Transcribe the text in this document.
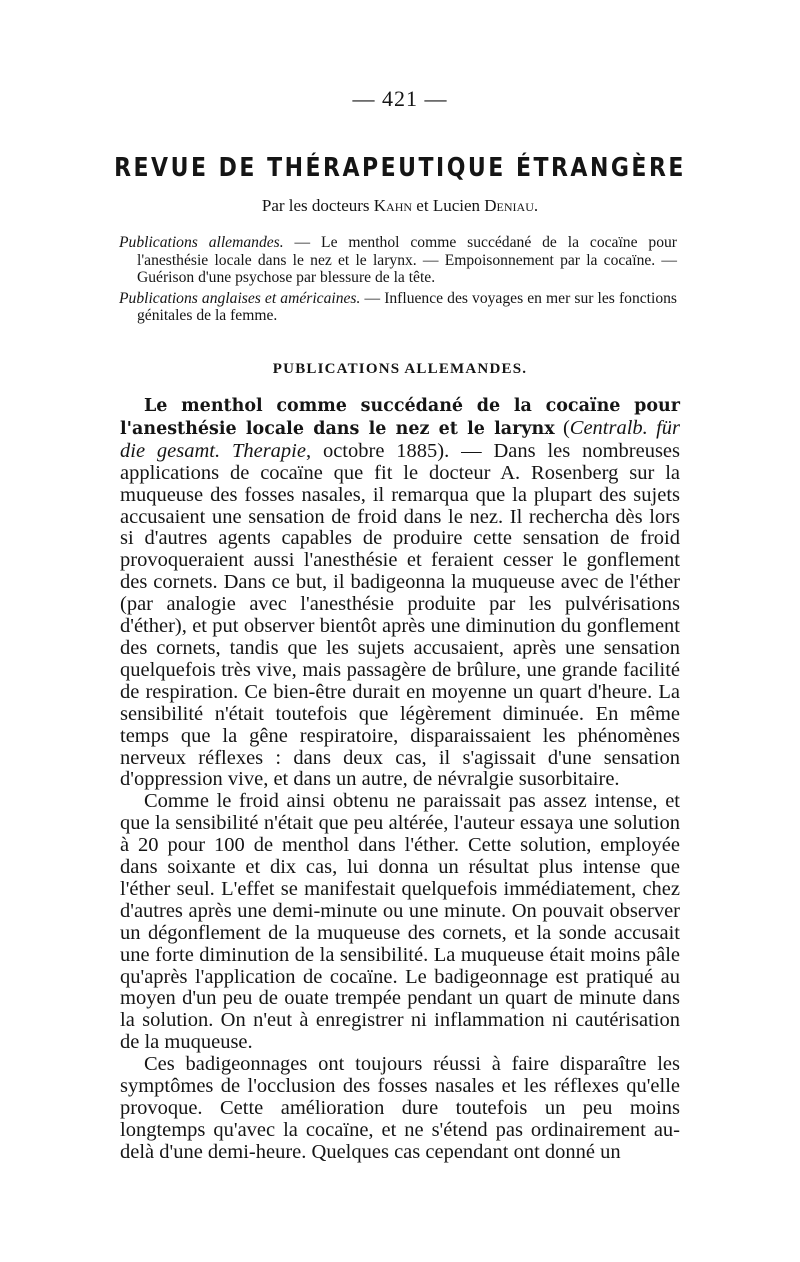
— 421 —
REVUE DE THÉRAPEUTIQUE ÉTRANGÈRE
Par les docteurs Kahn et Lucien Deniau.

Publications allemandes. — Le menthol comme succédané de la cocaïne pour l'anesthésie locale dans le nez et le larynx. — Empoisonnement par la cocaïne. — Guérison d'une psychose par blessure de la tête.

Publications anglaises et américaines. — Influence des voyages en mer sur les fonctions génitales de la femme.

PUBLICATIONS ALLEMANDES.

Le menthol comme succédané de la cocaïne pour l'anesthésie locale dans le nez et le larynx (Centralb. für die gesamt. Therapie, octobre 1885). — Dans les nombreuses applications de cocaïne que fit le docteur A. Rosenberg sur la muqueuse des fosses nasales, il remarqua que la plupart des sujets accusaient une sensation de froid dans le nez. Il rechercha dès lors si d'autres agents capables de produire cette sensation de froid provoqueraient aussi l'anesthésie et feraient cesser le gonflement des cornets. Dans ce but, il badigeonna la muqueuse avec de l'éther (par analogie avec l'anesthésie produite par les pulvérisations d'éther), et put observer bientôt après une diminution du gonflement des cornets, tandis que les sujets accusaient, après une sensation quelquefois très vive, mais passagère de brûlure, une grande facilité de respiration. Ce bien-être durait en moyenne un quart d'heure. La sensibilité n'était toutefois que légèrement diminuée. En même temps que la gêne respiratoire, disparaissaient les phénomènes nerveux réflexes : dans deux cas, il s'agissait d'une sensation d'oppression vive, et dans un autre, de névralgie susorbitaire.

Comme le froid ainsi obtenu ne paraissait pas assez intense, et que la sensibilité n'était que peu altérée, l'auteur essaya une solution à 20 pour 100 de menthol dans l'éther. Cette solution, employée dans soixante et dix cas, lui donna un résultat plus intense que l'éther seul. L'effet se manifestait quelquefois immédiatement, chez d'autres après une demi-minute ou une minute. On pouvait observer un dégonflement de la muqueuse des cornets, et la sonde accusait une forte diminution de la sensibilité. La muqueuse était moins pâle qu'après l'application de cocaïne. Le badigeonnage est pratiqué au moyen d'un peu de ouate trempée pendant un quart de minute dans la solution. On n'eut à enregistrer ni inflammation ni cautérisation de la muqueuse.

Ces badigeonnages ont toujours réussi à faire disparaître les symptômes de l'occlusion des fosses nasales et les réflexes qu'elle provoque. Cette amélioration dure toutefois un peu moins longtemps qu'avec la cocaïne, et ne s'étend pas ordinairement au-delà d'une demi-heure. Quelques cas cependant ont donné un
